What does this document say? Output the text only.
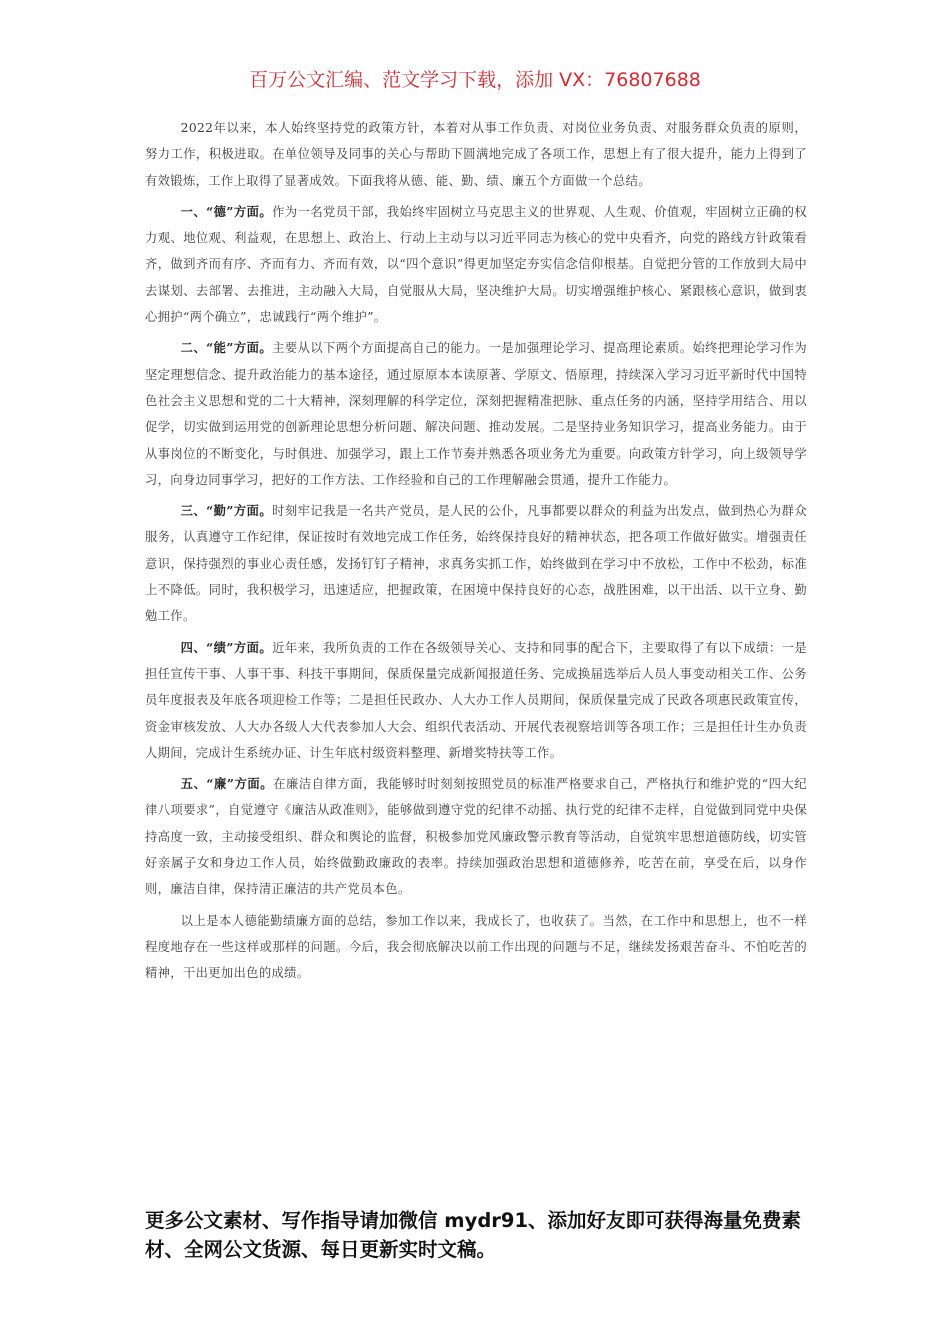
百万公文汇编、范文学习下载，添加 VX：76807688

2022年以来，本人始终坚持党的政策方针，本着对从事工作负责、对岗位业务负责、对服务群众负责的原则，努力工作，积极进取。在单位领导及同事的关心与帮助下圆满地完成了各项工作，思想上有了很大提升，能力上得到了有效锻炼，工作上取得了显著成效。下面我将从德、能、勤、绩、廉五个方面做一个总结。

一、“德”方面。作为一名党员干部，我始终牢固树立马克思主义的世界观、人生观、价值观，牢固树立正确的权力观、地位观、利益观，在思想上、政治上、行动上主动与以习近平同志为核心的党中央看齐，向党的路线方针政策看齐，做到齐而有序、齐而有力、齐而有效，以“四个意识”得更加坚定夯实信念信仰根基。自觉把分管的工作放到大局中去谋划、去部署、去推进，主动融入大局，自觉服从大局，坚决维护大局。切实增强维护核心、紧跟核心意识，做到衷心拥护“两个确立”，忠诚践行“两个维护”。

二、“能”方面。主要从以下两个方面提高自己的能力。一是加强理论学习、提高理论素质。始终把理论学习作为坚定理想信念、提升政治能力的基本途径，通过原原本本读原著、学原文、悟原理，持续深入学习习近平新时代中国特色社会主义思想和党的二十大精神，深刻理解的科学定位，深刻把握精准把脉、重点任务的内涵，坚持学用结合、用以促学，切实做到运用党的创新理论思想分析问题、解决问题、推动发展。二是坚持业务知识学习，提高业务能力。由于从事岗位的不断变化，与时俱进、加强学习，跟上工作节奏并熟悉各项业务尤为重要。向政策方针学习，向上级领导学习，向身边同事学习，把好的工作方法、工作经验和自己的工作理解融会贯通，提升工作能力。

三、“勤”方面。时刻牢记我是一名共产党员，是人民的公仆，凡事都要以群众的利益为出发点，做到热心为群众服务，认真遵守工作纪律，保证按时有效地完成工作任务，始终保持良好的精神状态，把各项工作做好做实。增强责任意识，保持强烈的事业心责任感，发扬钉钉子精神，求真务实抓工作，始终做到在学习中不放松，工作中不松劲，标准上不降低。同时，我积极学习，迅速适应，把握政策，在困境中保持良好的心态，战胜困难，以干出活、以干立身、勤勉工作。

四、“绩”方面。近年来，我所负责的工作在各级领导关心、支持和同事的配合下，主要取得了有以下成绩：一是担任宣传干事、人事干事、科技干事期间，保质保量完成新闻报道任务、完成换届选举后人员人事变动相关工作、公务员年度报表及年底各项迎检工作等；二是担任民政办、人大办工作人员期间，保质保量完成了民政各项惠民政策宣传，资金审核发放、人大办各级人大代表参加人大会、组织代表活动、开展代表视察培训等各项工作；三是担任计生办负责人期间，完成计生系统办证、计生年底村级资料整理、新增奖特扶等工作。

五、“廉”方面。在廉洁自律方面，我能够时时刻刻按照党员的标准严格要求自己，严格执行和维护党的“四大纪律八项要求”，自觉遵守《廉洁从政准则》，能够做到遵守党的纪律不动摇、执行党的纪律不走样，自觉做到同党中央保持高度一致，主动接受组织、群众和舆论的监督，积极参加党风廉政警示教育等活动，自觉筑牢思想道德防线，切实管好亲属子女和身边工作人员，始终做勤政廉政的表率。持续加强政治思想和道德修养，吃苦在前，享受在后，以身作则，廉洁自律，保持清正廉洁的共产党员本色。

以上是本人德能勤绩廉方面的总结，参加工作以来，我成长了，也收获了。当然，在工作中和思想上，也不一样程度地存在一些这样或那样的问题。今后，我会彻底解决以前工作出现的问题与不足，继续发扬艰苦奋斗、不怕吃苦的精神，干出更加出色的成绩。

更多公文素材、写作指导请加微信 mydr91、添加好友即可获得海量免费素材、全网公文货源、每日更新实时文稿。
